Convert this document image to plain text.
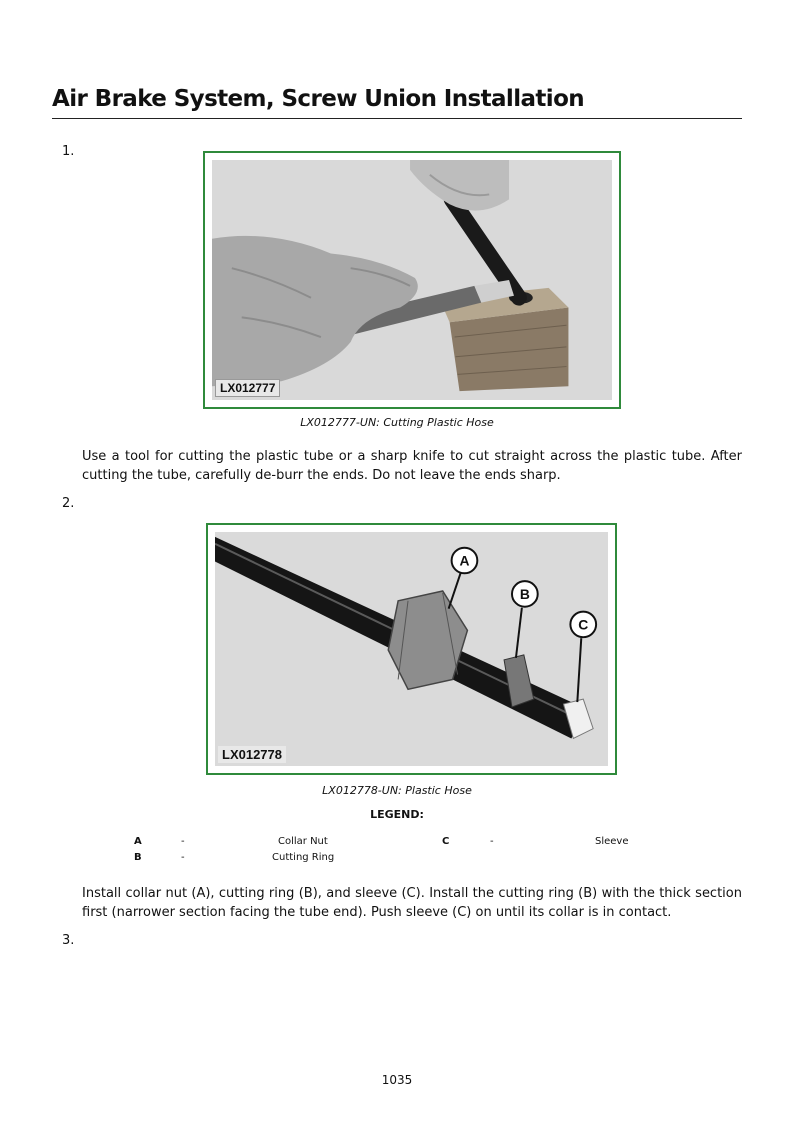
Air Brake System, Screw Union Installation
1.
LX012777
LX012777-UN: Cutting Plastic Hose
Use a tool for cutting the plastic tube or a sharp knife to cut straight across the plastic tube. After cutting the tube, carefully de-burr the ends. Do not leave the ends sharp.
2.
A
B
C
LX012778
LX012778-UN: Plastic Hose
LEGEND:
A	-	Collar Nut	C	-	Sleeve
B	-	Cutting Ring
Install collar nut (A), cutting ring (B), and sleeve (C). Install the cutting ring (B) with the thick section first (narrower section facing the tube end). Push sleeve (C) on until its collar is in contact.
3.
1035
